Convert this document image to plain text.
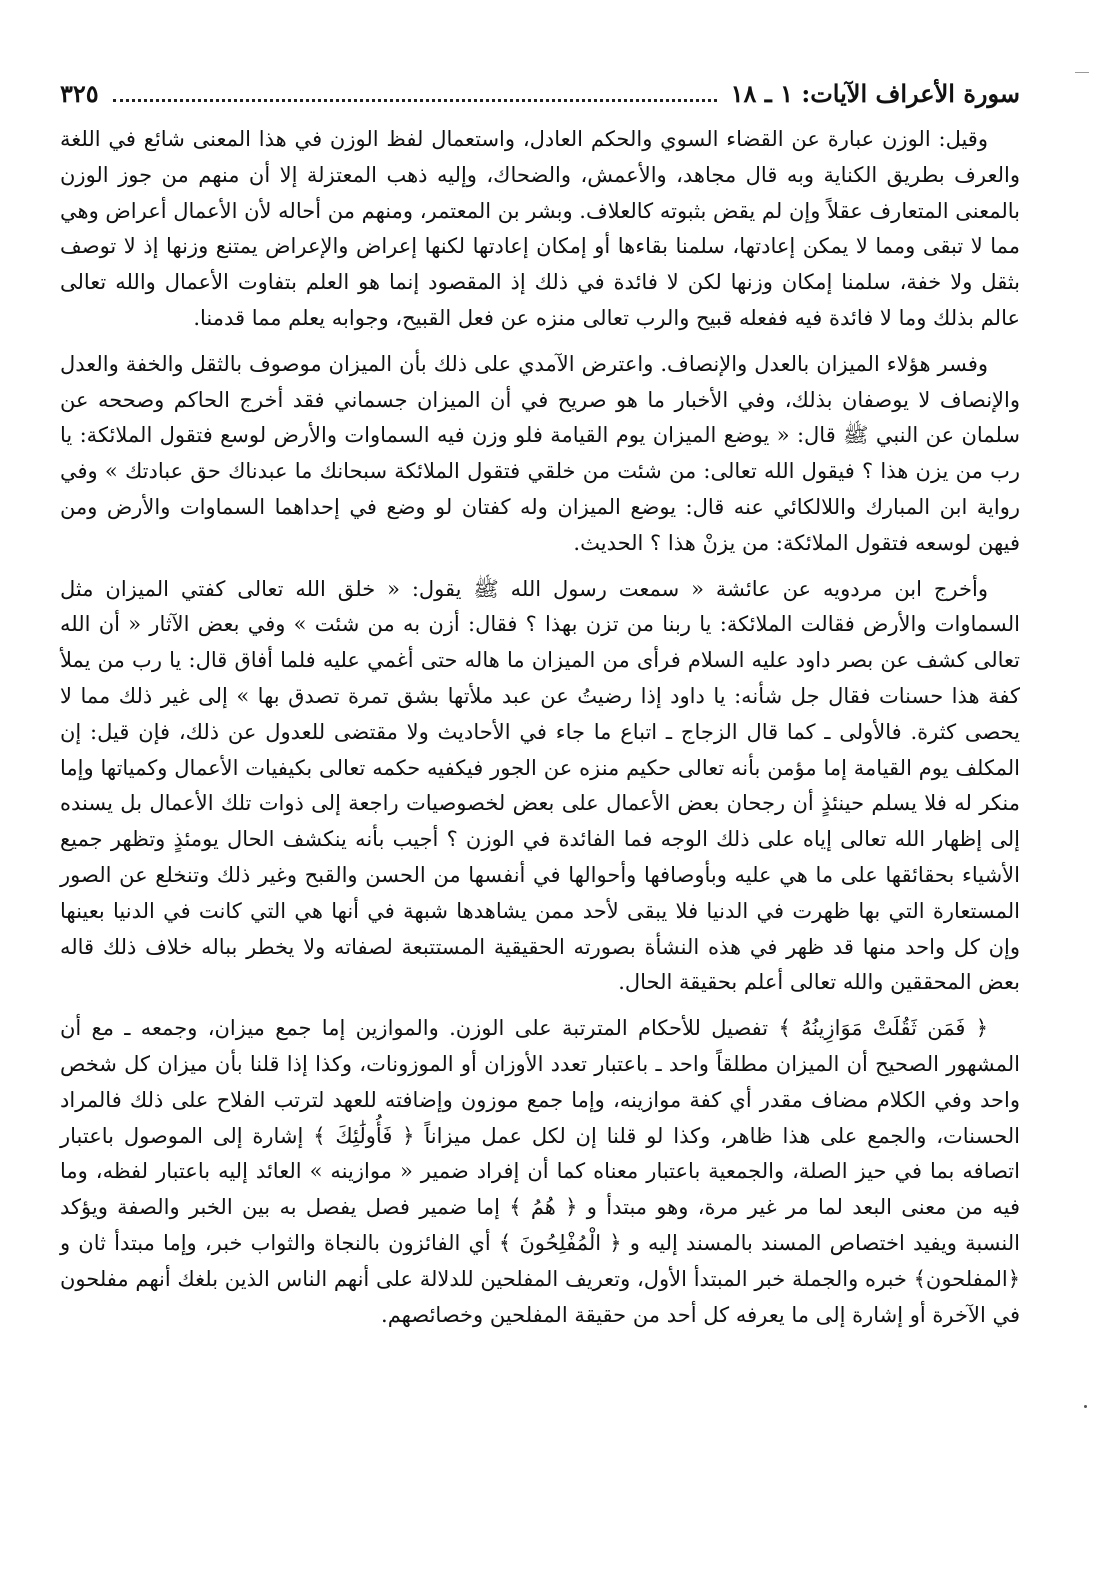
سورة الأعراف الآيات: ١ ـ ١٨
٣٢٥

وقيل: الوزن عبارة عن القضاء السوي والحكم العادل، واستعمال لفظ الوزن في هذا المعنى شائع في اللغة والعرف بطريق الكناية وبه قال مجاهد، والأعمش، والضحاك، وإليه ذهب المعتزلة إلا أن منهم من جوز الوزن بالمعنى المتعارف عقلاً وإن لم يقض بثبوته كالعلاف. وبشر بن المعتمر، ومنهم من أحاله لأن الأعمال أعراض وهي مما لا تبقى ومما لا يمكن إعادتها، سلمنا بقاءها أو إمكان إعادتها لكنها إعراض والإعراض يمتنع وزنها إذ لا توصف بثقل ولا خفة، سلمنا إمكان وزنها لكن لا فائدة في ذلك إذ المقصود إنما هو العلم بتفاوت الأعمال والله تعالى عالم بذلك وما لا فائدة فيه ففعله قبيح والرب تعالى منزه عن فعل القبيح، وجوابه يعلم مما قدمنا.

وفسر هؤلاء الميزان بالعدل والإنصاف. واعترض الآمدي على ذلك بأن الميزان موصوف بالثقل والخفة والعدل والإنصاف لا يوصفان بذلك، وفي الأخبار ما هو صريح في أن الميزان جسماني فقد أخرج الحاكم وصححه عن سلمان عن النبي ﷺ قال: « يوضع الميزان يوم القيامة فلو وزن فيه السماوات والأرض لوسع فتقول الملائكة: يا رب من يزن هذا ؟ فيقول الله تعالى: من شئت من خلقي فتقول الملائكة سبحانك ما عبدناك حق عبادتك » وفي رواية ابن المبارك واللالكائي عنه قال: يوضع الميزان وله كفتان لو وضع في إحداهما السماوات والأرض ومن فيهن لوسعه فتقول الملائكة: من يزنْ هذا ؟ الحديث.

وأخرج ابن مردويه عن عائشة « سمعت رسول الله ﷺ يقول: « خلق الله تعالى كفتي الميزان مثل السماوات والأرض فقالت الملائكة: يا ربنا من تزن بهذا ؟ فقال: أزن به من شئت » وفي بعض الآثار « أن الله تعالى كشف عن بصر داود عليه السلام فرأى من الميزان ما هاله حتى أغمي عليه فلما أفاق قال: يا رب من يملأ كفة هذا حسنات فقال جل شأنه: يا داود إذا رضيتُ عن عبد ملأتها بشق تمرة تصدق بها » إلى غير ذلك مما لا يحصى كثرة. فالأولى ـ كما قال الزجاج ـ اتباع ما جاء في الأحاديث ولا مقتضى للعدول عن ذلك، فإن قيل: إن المكلف يوم القيامة إما مؤمن بأنه تعالى حكيم منزه عن الجور فيكفيه حكمه تعالى بكيفيات الأعمال وكمياتها وإما منكر له فلا يسلم حينئذٍ أن رجحان بعض الأعمال على بعض لخصوصيات راجعة إلى ذوات تلك الأعمال بل يسنده إلى إظهار الله تعالى إياه على ذلك الوجه فما الفائدة في الوزن ؟ أجيب بأنه ينكشف الحال يومئذٍ وتظهر جميع الأشياء بحقائقها على ما هي عليه وبأوصافها وأحوالها في أنفسها من الحسن والقبح وغير ذلك وتنخلع عن الصور المستعارة التي بها ظهرت في الدنيا فلا يبقى لأحد ممن يشاهدها شبهة في أنها هي التي كانت في الدنيا بعينها وإن كل واحد منها قد ظهر في هذه النشأة بصورته الحقيقية المستتبعة لصفاته ولا يخطر بباله خلاف ذلك قاله بعض المحققين والله تعالى أعلم بحقيقة الحال.

﴿ فَمَن ثَقُلَتْ مَوَازِينُهُ ﴾ تفصيل للأحكام المترتبة على الوزن. والموازين إما جمع ميزان، وجمعه ـ مع أن المشهور الصحيح أن الميزان مطلقاً واحد ـ باعتبار تعدد الأوزان أو الموزونات، وكذا إذا قلنا بأن ميزان كل شخص واحد وفي الكلام مضاف مقدر أي كفة موازينه، وإما جمع موزون وإضافته للعهد لترتب الفلاح على ذلك فالمراد الحسنات، والجمع على هذا ظاهر، وكذا لو قلنا إن لكل عمل ميزاناً ﴿ فَأُولَٰئِكَ ﴾ إشارة إلى الموصول باعتبار اتصافه بما في حيز الصلة، والجمعية باعتبار معناه كما أن إفراد ضمير « موازينه » العائد إليه باعتبار لفظه، وما فيه من معنى البعد لما مر غير مرة، وهو مبتدأ و ﴿ هُمُ ﴾ إما ضمير فصل يفصل به بين الخبر والصفة ويؤكد النسبة ويفيد اختصاص المسند بالمسند إليه و ﴿ الْمُفْلِحُونَ ﴾ أي الفائزون بالنجاة والثواب خبر، وإما مبتدأ ثان و ﴿المفلحون﴾ خبره والجملة خبر المبتدأ الأول، وتعريف المفلحين للدلالة على أنهم الناس الذين بلغك أنهم مفلحون في الآخرة أو إشارة إلى ما يعرفه كل أحد من حقيقة المفلحين وخصائصهم.
